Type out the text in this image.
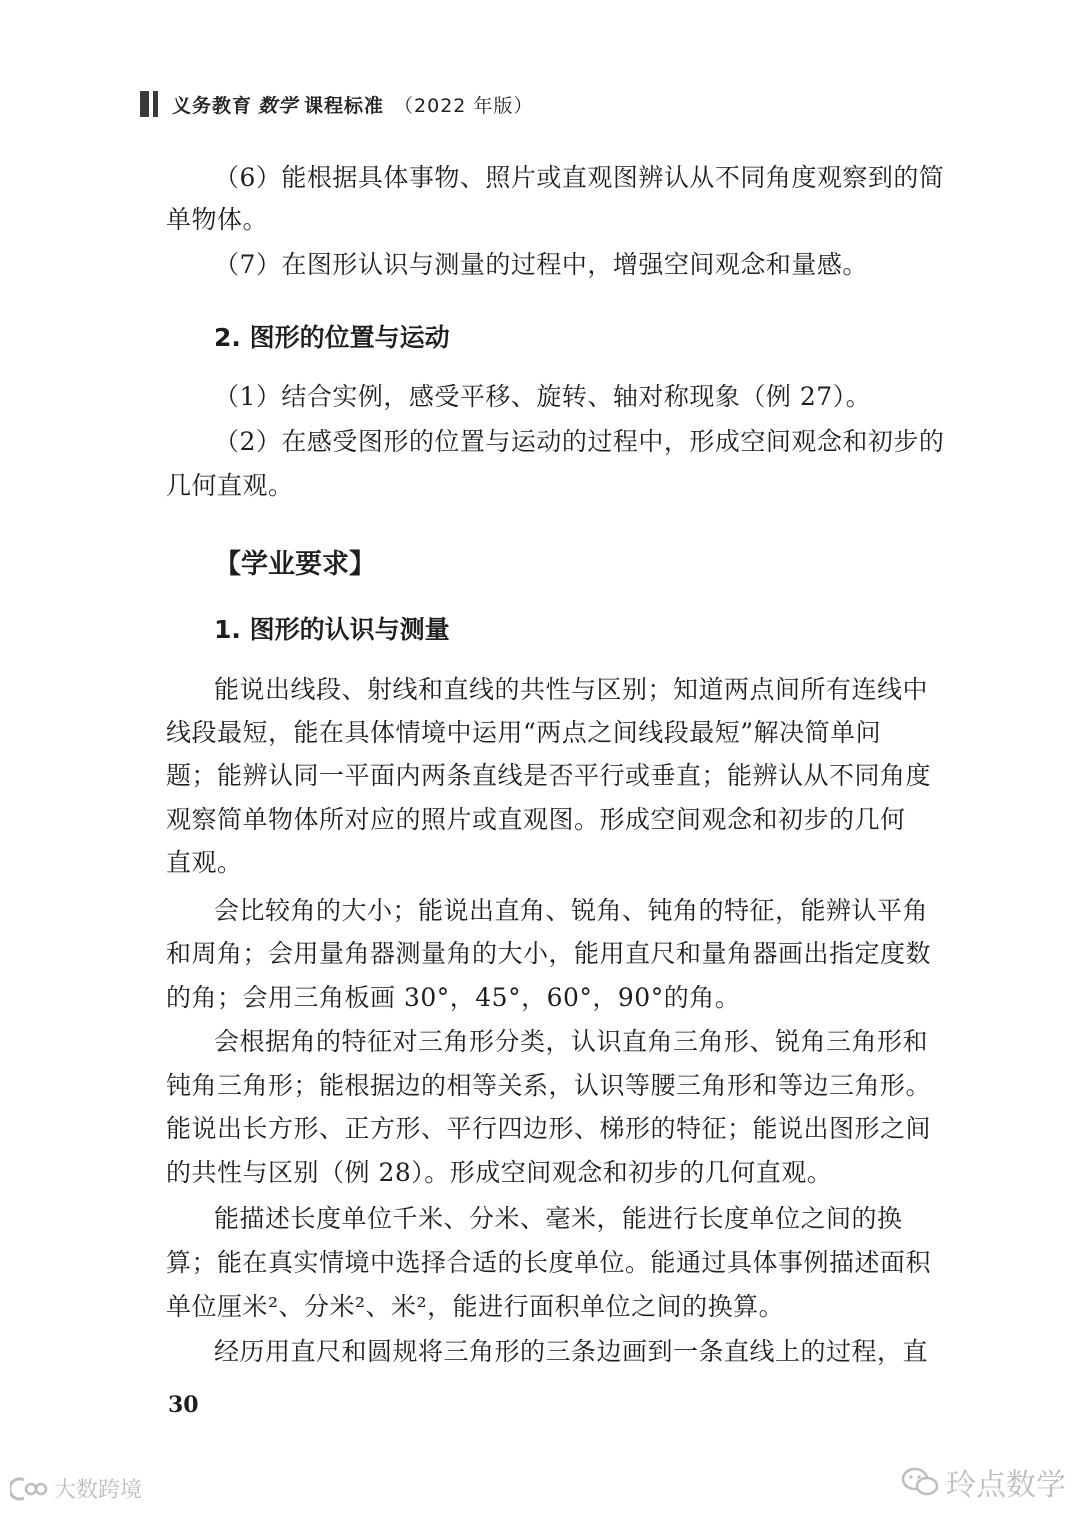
义务教育 数学 课程标准 （2022 年版）
（6）能根据具体事物、照片或直观图辨认从不同角度观察到的简
单物体。
（7）在图形认识与测量的过程中，增强空间观念和量感。
2. 图形的位置与运动
（1）结合实例，感受平移、旋转、轴对称现象（例 27）。
（2）在感受图形的位置与运动的过程中，形成空间观念和初步的
几何直观。
【学业要求】
1. 图形的认识与测量
能说出线段、射线和直线的共性与区别；知道两点间所有连线中
线段最短，能在具体情境中运用“两点之间线段最短”解决简单问
题；能辨认同一平面内两条直线是否平行或垂直；能辨认从不同角度
观察简单物体所对应的照片或直观图。形成空间观念和初步的几何
直观。
会比较角的大小；能说出直角、锐角、钝角的特征，能辨认平角
和周角；会用量角器测量角的大小，能用直尺和量角器画出指定度数
的角；会用三角板画 30°，45°，60°，90°的角。
会根据角的特征对三角形分类，认识直角三角形、锐角三角形和
钝角三角形；能根据边的相等关系，认识等腰三角形和等边三角形。
能说出长方形、正方形、平行四边形、梯形的特征；能说出图形之间
的共性与区别（例 28）。形成空间观念和初步的几何直观。
能描述长度单位千米、分米、毫米，能进行长度单位之间的换
算；能在真实情境中选择合适的长度单位。能通过具体事例描述面积
单位厘米²、分米²、米²，能进行面积单位之间的换算。
经历用直尺和圆规将三角形的三条边画到一条直线上的过程，直
30
大数跨境	玲点数学
